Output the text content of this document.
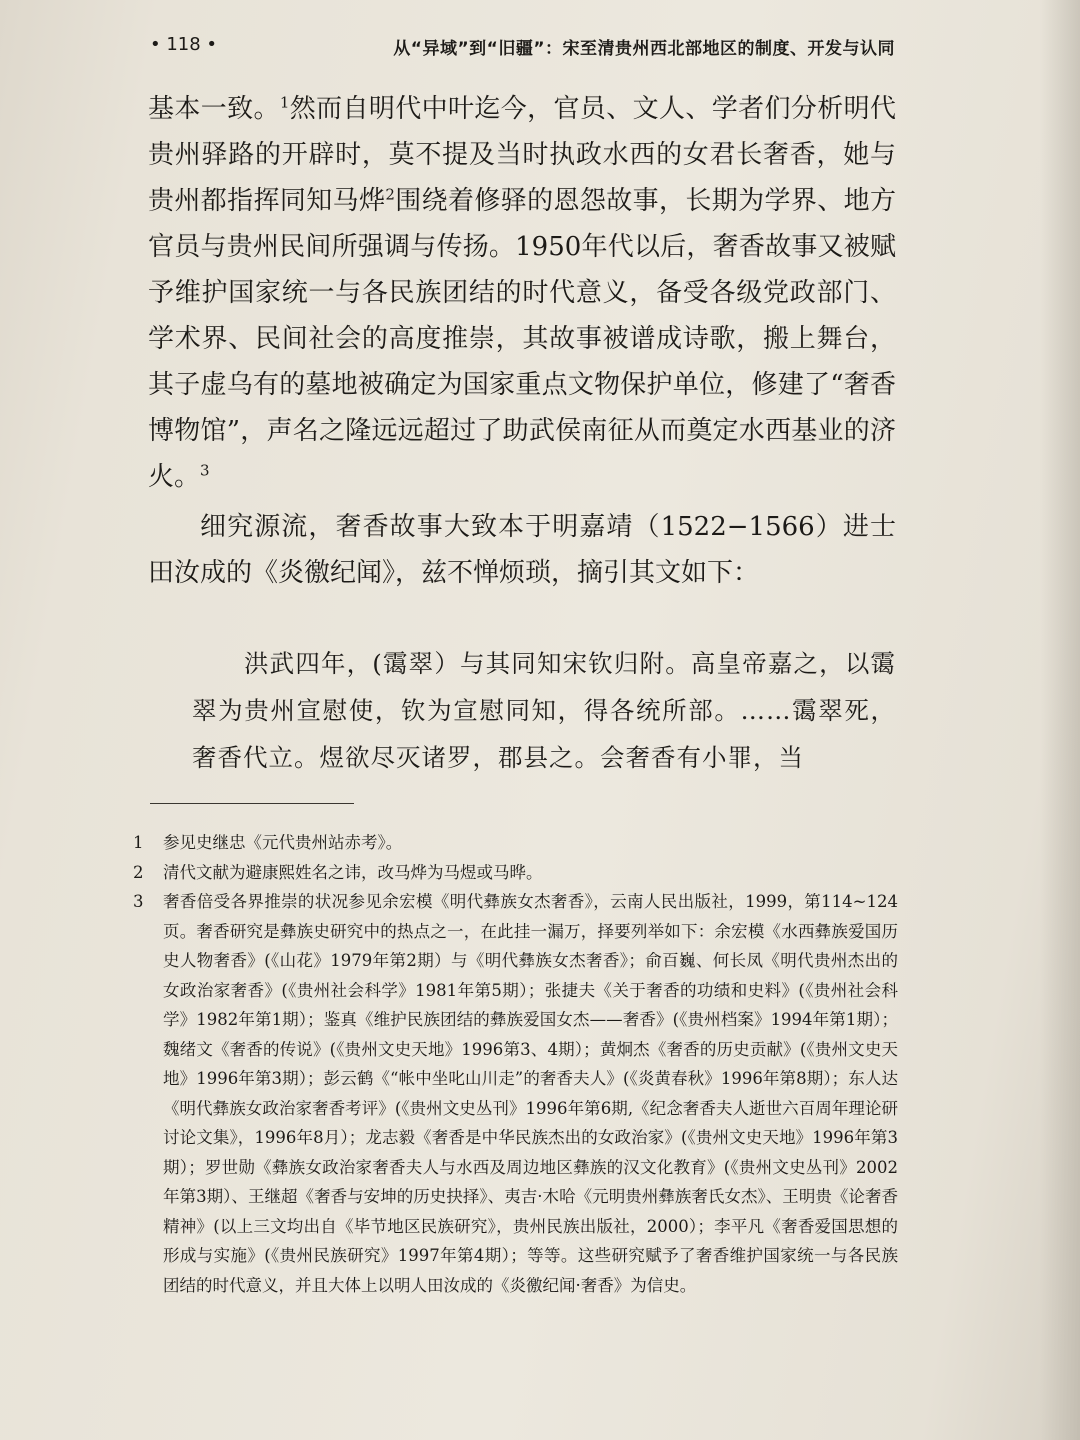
• 118 •	从“异域”到“旧疆”：宋至清贵州西北部地区的制度、开发与认同

基本一致。$^1$然而自明代中叶迄今，官员、文人、学者们分析明代贵州驿路的开辟时，莫不提及当时执政水西的女君长奢香，她与贵州都指挥同知马烨$^2$围绕着修驿的恩怨故事，长期为学界、地方官员与贵州民间所强调与传扬。1950年代以后，奢香故事又被赋予维护国家统一与各民族团结的时代意义，备受各级党政部门、学术界、民间社会的高度推崇，其故事被谱成诗歌，搬上舞台，其子虚乌有的墓地被确定为国家重点文物保护单位，修建了“奢香博物馆”，声名之隆远远超过了助武侯南征从而奠定水西基业的济火。$^3$

细究源流，奢香故事大致本于明嘉靖（1522−1566）进士田汝成的《炎徼纪闻》，兹不惮烦琐，摘引其文如下：

洪武四年，(霭翠）与其同知宋钦归附。高皇帝嘉之，以霭翠为贵州宣慰使，钦为宣慰同知，得各统所部。……霭翠死，奢香代立。煜欲尽灭诸罗，郡县之。会奢香有小罪，当

1	参见史继忠《元代贵州站赤考》。
2	清代文献为避康熙姓名之讳，改马烨为马煜或马晔。
3	奢香倍受各界推崇的状况参见余宏模《明代彝族女杰奢香》，云南人民出版社，1999，第114~124页。奢香研究是彝族史研究中的热点之一，在此挂一漏万，择要列举如下：余宏模《水西彝族爱国历史人物奢香》(《山花》1979年第2期）与《明代彝族女杰奢香》；俞百巍、何长凤《明代贵州杰出的女政治家奢香》(《贵州社会科学》1981年第5期）；张捷夫《关于奢香的功绩和史料》(《贵州社会科学》1982年第1期）；鉴真《维护民族团结的彝族爱国女杰——奢香》(《贵州档案》1994年第1期）；魏绪文《奢香的传说》(《贵州文史天地》1996第3、4期）；黄炯杰《奢香的历史贡献》(《贵州文史天地》1996年第3期）；彭云鹤《“帐中坐叱山川走”的奢香夫人》(《炎黄春秋》1996年第8期）；东人达《明代彝族女政治家奢香考评》(《贵州文史丛刊》1996年第6期,《纪念奢香夫人逝世六百周年理论研讨论文集》，1996年8月）；龙志毅《奢香是中华民族杰出的女政治家》(《贵州文史天地》1996年第3期）；罗世勋《彝族女政治家奢香夫人与水西及周边地区彝族的汉文化教育》(《贵州文史丛刊》2002年第3期）、王继超《奢香与安坤的历史抉择》、夷吉·木哈《元明贵州彝族奢氏女杰》、王明贵《论奢香精神》(以上三文均出自《毕节地区民族研究》，贵州民族出版社，2000）；李平凡《奢香爱国思想的形成与实施》(《贵州民族研究》1997年第4期）；等等。这些研究赋予了奢香维护国家统一与各民族团结的时代意义，并且大体上以明人田汝成的《炎徼纪闻·奢香》为信史。
